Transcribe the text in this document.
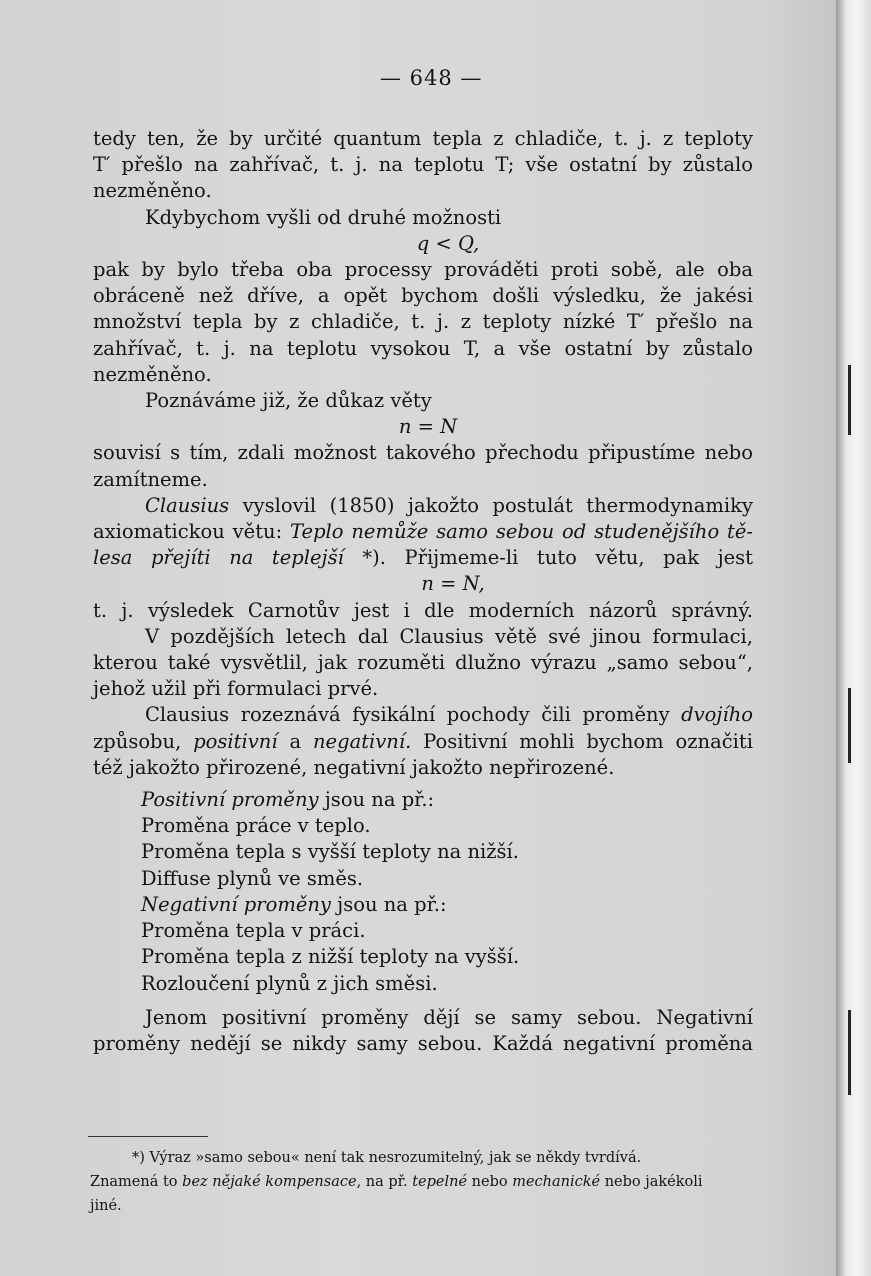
— 648 —

tedy ten, že by určité quantum tepla z chladiče, t. j. z teploty

T′ přešlo na zahřívač, t. j. na teplotu T; vše ostatní by zůstalo

nezměněno.

Kdybychom vyšli od druhé možnosti

q < Q,

pak by bylo třeba oba processy prováděti proti sobě, ale oba

obráceně než dříve, a opět bychom došli výsledku, že jakési

množství tepla by z chladiče, t. j. z teploty nízké T′ přešlo na

zahřívač, t. j. na teplotu vysokou T, a vše ostatní by zůstalo

nezměněno.

Poznáváme již, že důkaz věty

n = N

souvisí s tím, zdali možnost takového přechodu připustíme nebo

zamítneme.

Clausius vyslovil (1850) jakožto postulát thermodynamiky

axiomatickou větu: Teplo nemůže samo sebou od studenějšího tě-

lesa přejíti na teplejší *). Přijmeme-li tuto větu, pak jest

n = N,

t. j. výsledek Carnotův jest i dle moderních názorů správný.

V pozdějších letech dal Clausius větě své jinou formulaci,

kterou také vysvětlil, jak rozuměti dlužno výrazu „samo sebou“,

jehož užil při formulaci prvé.

Clausius rozeznává fysikální pochody čili proměny dvojího

způsobu, positivní a negativní. Positivní mohli bychom označiti

též jakožto přirozené, negativní jakožto nepřirozené.

Positivní proměny jsou na př.:

Proměna práce v teplo.

Proměna tepla s vyšší teploty na nižší.

Diffuse plynů ve směs.

Negativní proměny jsou na př.:

Proměna tepla v práci.

Proměna tepla z nižší teploty na vyšší.

Rozloučení plynů z jich směsi.

Jenom positivní proměny dějí se samy sebou. Negativní

proměny nedějí se nikdy samy sebou. Každá negativní proměna

*) Výraz »samo sebou« není tak nesrozumitelný, jak se někdy tvrdívá.

Znamená to bez nějaké kompensace, na př. tepelné nebo mechanické nebo jakékoli jiné.
